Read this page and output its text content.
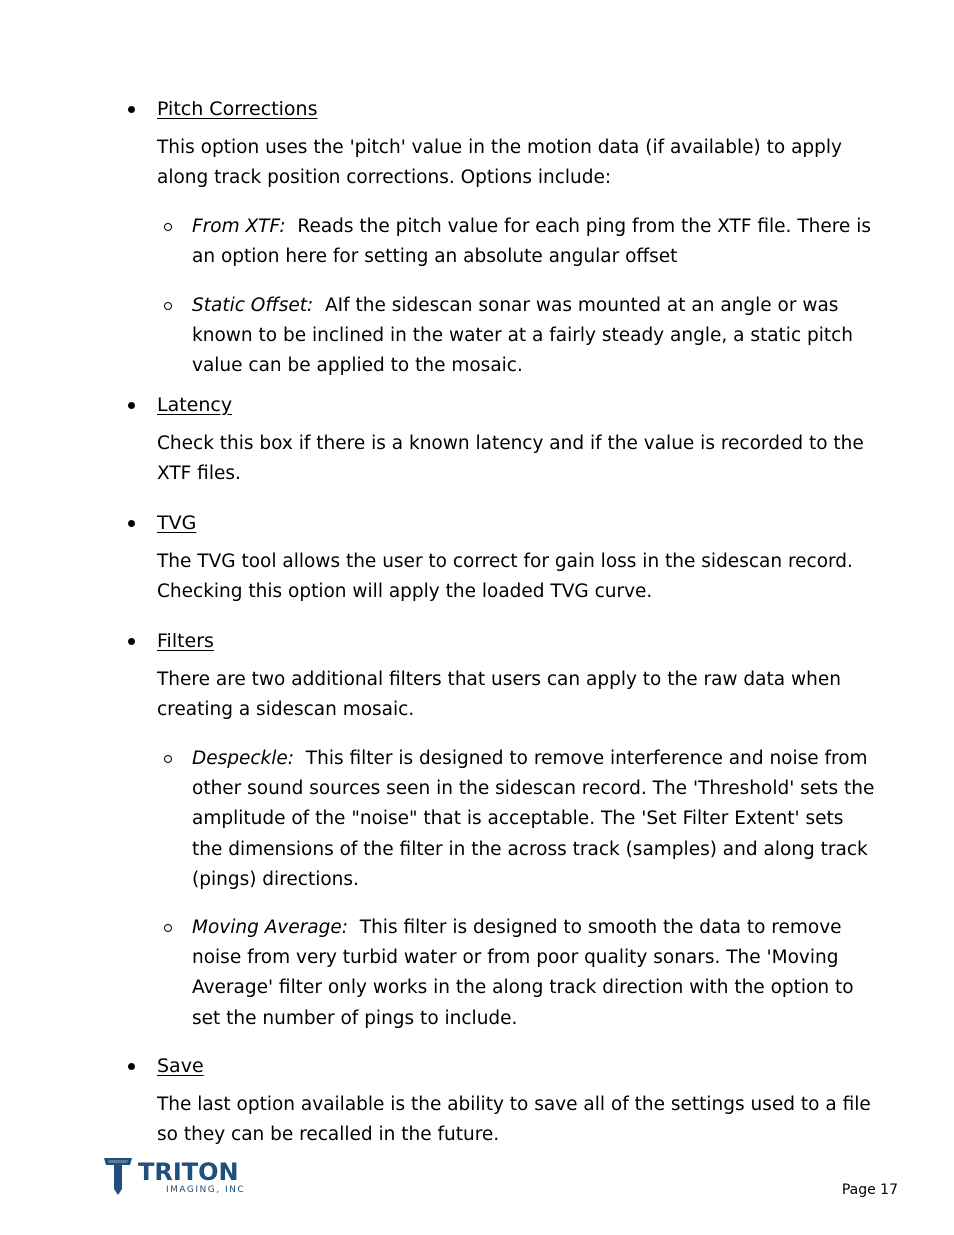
Pitch Corrections

This option uses the 'pitch' value in the motion data (if available) to apply along track position corrections. Options include:

From XTF: Reads the pitch value for each ping from the XTF file. There is an option here for setting an absolute angular offset

Static Offset: AIf the sidescan sonar was mounted at an angle or was known to be inclined in the water at a fairly steady angle, a static pitch value can be applied to the mosaic.

Latency

Check this box if there is a known latency and if the value is recorded to the XTF files.

TVG

The TVG tool allows the user to correct for gain loss in the sidescan record. Checking this option will apply the loaded TVG curve.

Filters

There are two additional filters that users can apply to the raw data when creating a sidescan mosaic.

Despeckle: This filter is designed to remove interference and noise from other sound sources seen in the sidescan record. The 'Threshold' sets the amplitude of the "noise" that is acceptable. The 'Set Filter Extent' sets the dimensions of the filter in the across track (samples) and along track (pings) directions.

Moving Average: This filter is designed to smooth the data to remove noise from very turbid water or from poor quality sonars. The 'Moving Average' filter only works in the along track direction with the option to set the number of pings to include.

Save

The last option available is the ability to save all of the settings used to a file so they can be recalled in the future.

TRITON
IMAGING, INC	Page 17
